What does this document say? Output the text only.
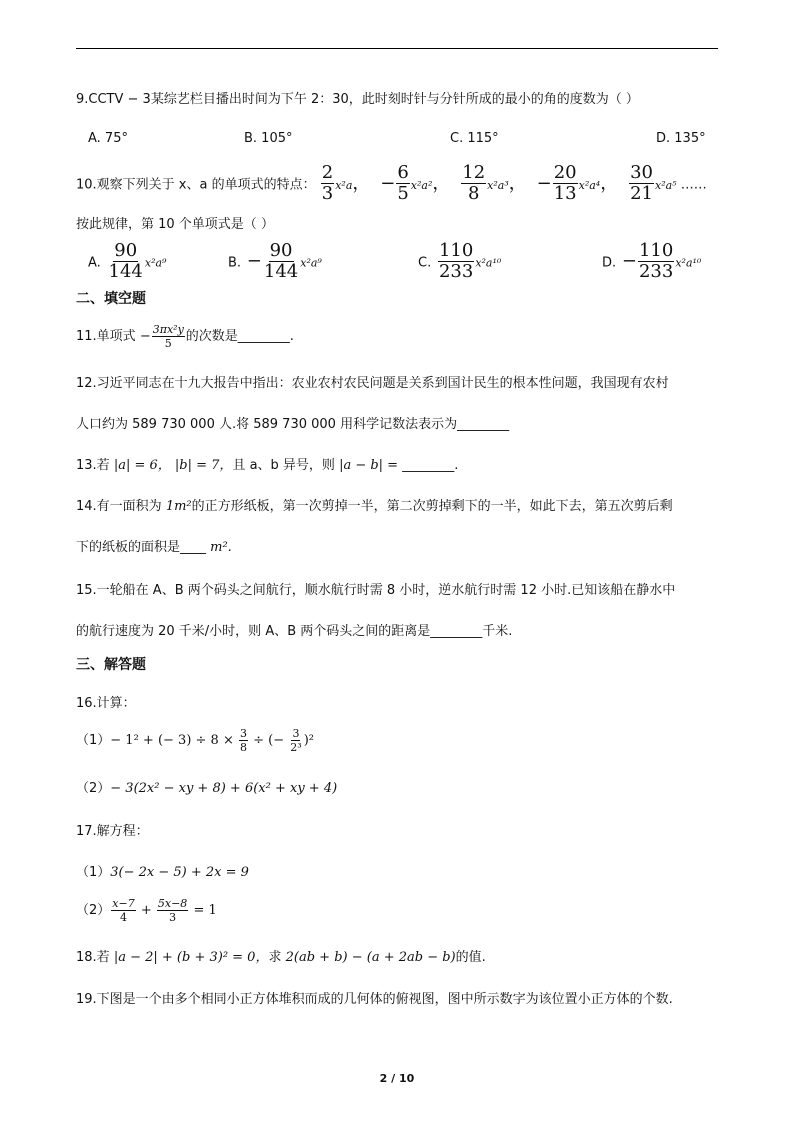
9.CCTV − 3某综艺栏目播出时间为下午 2：30，此时刻时针与分针所成的最小的角的度数为（ ）
A. 75°	B. 105°	C. 115°	D. 135°
10.观察下列关于 x、a 的单项式的特点： $\frac{2}{3} x^2a$， − $\frac{6}{5} x^2a^2$， $\frac{12}{8} x^2a^3$， − $\frac{20}{13} x^2a^4$， $\frac{30}{21} x^2a^5$ ……
按此规律，第 10 个单项式是（ ）
A. $\frac{90}{144} x^2a^9$	B. − $\frac{90}{144} x^2a^9$	C. $\frac{110}{233} x^2a^{10}$	D. − $\frac{110}{233} x^2a^{10}$
二、填空题
11.单项式 − $\frac{\text{3πx²y}}{5}$ 的次数是________.
12.习近平同志在十九大报告中指出：农业农村农民问题是关系到国计民生的根本性问题，我国现有农村
人口约为 589 730 000 人.将 589 730 000 用科学记数法表示为________
13.若 |a| = 6， |b| = 7，且 a、b 异号，则 |a − b| = ________.
14.有一面积为 1m²的正方形纸板，第一次剪掉一半，第二次剪掉剩下的一半，如此下去，第五次剪后剩
下的纸板的面积是____ m².
15.一轮船在 A、B 两个码头之间航行，顺水航行时需 8 小时，逆水航行时需 12 小时.已知该船在静水中
的航行速度为 20 千米/小时，则 A、B 两个码头之间的距离是________千米.
三、解答题
16.计算：
（1）− 1² + (− $3) \div 8 \times \frac{3}{8}$ ÷ (− $\frac{3}{\text{2³}} )^2$
（2）− 3(2x² − xy + 8) + 6(x² + xy + 4)
17.解方程：
（1）3(− 2x − 5) + 2x = 9
$(2) \frac{x-7}{4} + \frac{5x-8}{3} = 1$
18.若 |a − 2| + (b + 3)² = 0，求 2(ab + b) − (a + 2ab − b)的值.
19.下图是一个由多个相同小正方体堆积而成的几何体的俯视图，图中所示数字为该位置小正方体的个数.
2 / 10
